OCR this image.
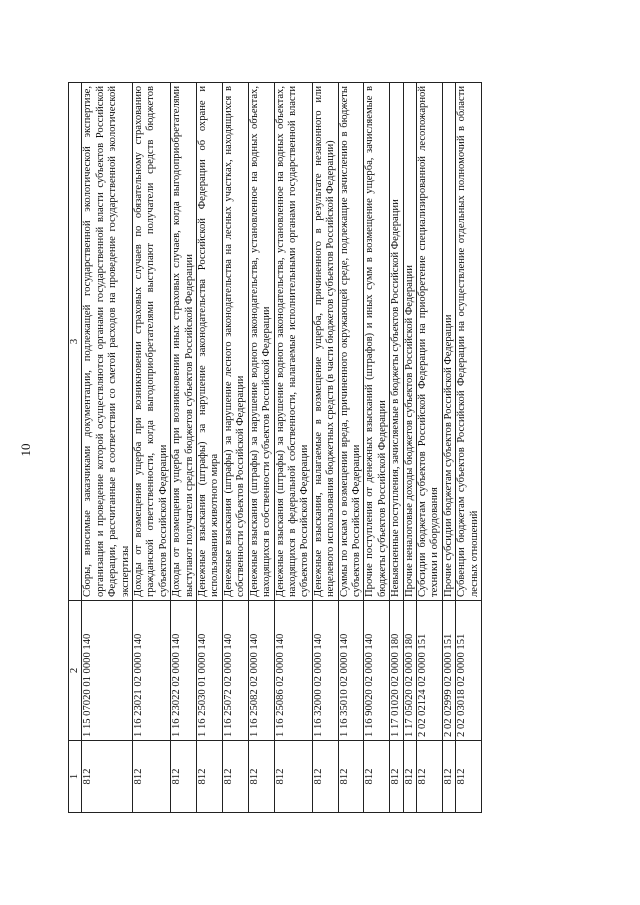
10
1	2	3
812	1 15 07020 01 0000 140	Сборы, вносимые заказчиками документации, подлежащей государственной экологической экспертизе, организация и проведение которой осуществляются органами государственной власти субъектов Российской Федерации, рассчитанные в соответствии со сметой расходов на проведение государственной экологической экспертизы
812	1 16 23021 02 0000 140	Доходы от возмещения ущерба при возникновении страховых случаев по обязательному страхованию гражданской ответственности, когда выгодоприобретателями выступают получатели средств бюджетов субъектов Российской Федерации
812	1 16 23022 02 0000 140	Доходы от возмещения ущерба при возникновении иных страховых случаев, когда выгодоприобретателями выступают получатели средств бюджетов субъектов Российской Федерации
812	1 16 25030 01 0000 140	Денежные взыскания (штрафы) за нарушение законодательства Российской Федерации об охране и использовании животного мира
812	1 16 25072 02 0000 140	Денежные взыскания (штрафы) за нарушение лесного законодательства на лесных участках, находящихся в собственности субъектов Российской Федерации
812	1 16 25082 02 0000 140	Денежные взыскания (штрафы) за нарушение водного законодательства, установленное на водных объектах, находящихся в собственности субъектов Российской Федерации
812	1 16 25086 02 0000 140	Денежные взыскания (штрафы) за нарушение водного законодательства, установленное на водных объектах, находящихся в федеральной собственности, налагаемые исполнительными органами государственной власти субъектов Российской Федерации
812	1 16 32000 02 0000 140	Денежные взыскания, налагаемые в возмещение ущерба, причиненного в результате незаконного или нецелевого использования бюджетных средств (в части бюджетов субъектов Российской Федерации)
812	1 16 35010 02 0000 140	Суммы по искам о возмещении вреда, причиненного окружающей среде, подлежащие зачислению в бюджеты субъектов Российской Федерации
812	1 16 90020 02 0000 140	Прочие поступления от денежных взысканий (штрафов) и иных сумм в возмещение ущерба, зачисляемые в бюджеты субъектов Российской Федерации
812	1 17 01020 02 0000 180	Невыясненные поступления, зачисляемые в бюджеты субъектов Российской Федерации
812	1 17 05020 02 0000 180	Прочие неналоговые доходы бюджетов субъектов Российской Федерации
812	2 02 02124 02 0000 151	Субсидии бюджетам субъектов Российской Федерации на приобретение специализированной лесопожарной техники и оборудования
812	2 02 02999 02 0000 151	Прочие субсидии бюджетам субъектов Российской Федерации
812	2 02 03018 02 0000 151	Субвенции бюджетам субъектов Российской Федерации на осуществление отдельных полномочий в области лесных отношений
